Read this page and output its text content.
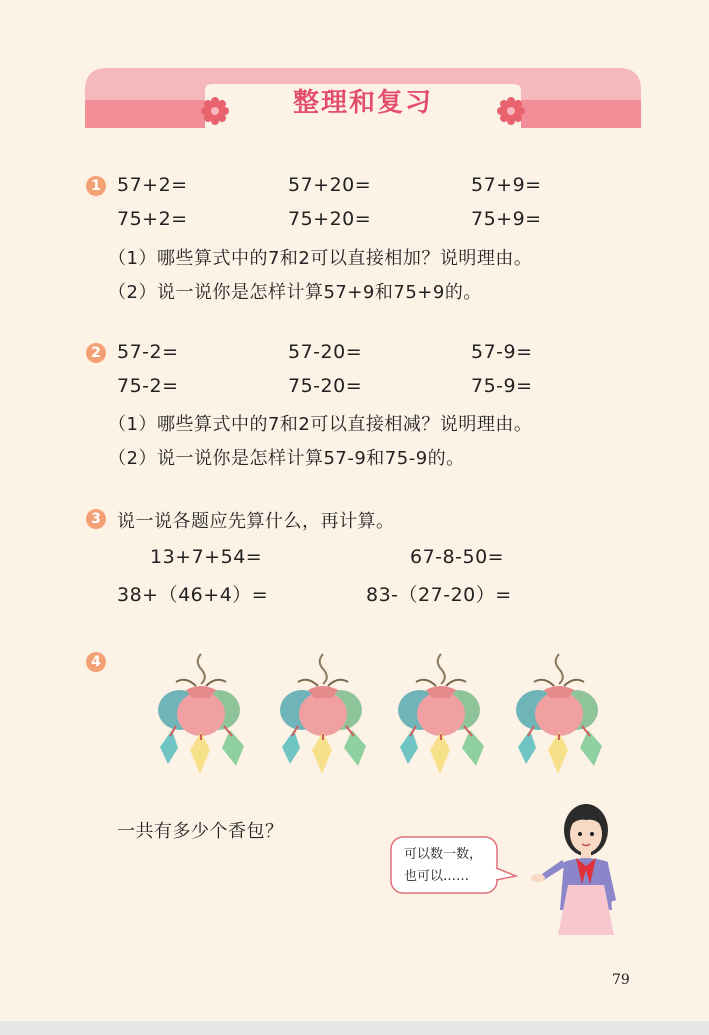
整理和复习
1 57+2=	57+20=	57+9=
75+2=	75+20=	75+9=
（1）哪些算式中的7和2可以直接相加？说明理由。
（2）说一说你是怎样计算57+9和75+9的。
2 57-2=	57-20=	57-9=
75-2=	75-20=	75-9=
（1）哪些算式中的7和2可以直接相减？说明理由。
（2）说一说你是怎样计算57-9和75-9的。
3 说一说各题应先算什么，再计算。
13+7+54=	67-8-50=
38+（46+4）=	83-（27-20）=
4
一共有多少个香包？
可以数一数，
也可以……
79
